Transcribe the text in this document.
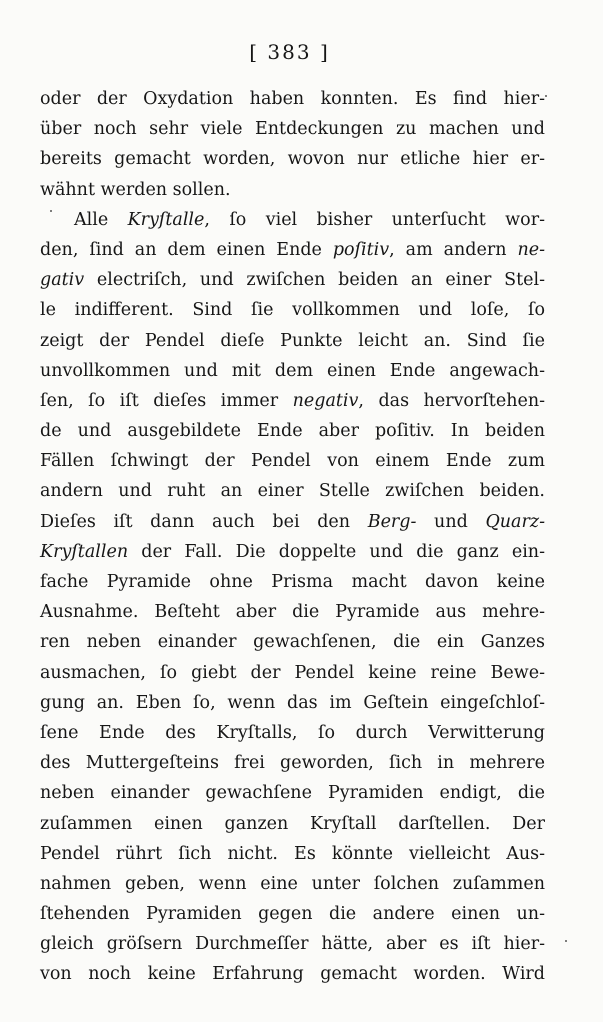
[ 383 ]
oder der Oxydation haben konnten. Es find hier-
über noch sehr viele Entdeckungen zu machen und
bereits gemacht worden, wovon nur etliche hier er-
wähnt werden sollen.
Alle Kryſtalle, ſo viel bisher unterſucht wor-
den, ſind an dem einen Ende poſitiv, am andern ne-
gativ electriſch, und zwiſchen beiden an einer Stel-
le indifferent. Sind ſie vollkommen und loſe, ſo
zeigt der Pendel dieſe Punkte leicht an. Sind ſie
unvollkommen und mit dem einen Ende angewach-
ſen, ſo iſt dieſes immer negativ, das hervorſtehen-
de und ausgebildete Ende aber poſitiv. In beiden
Fällen ſchwingt der Pendel von einem Ende zum
andern und ruht an einer Stelle zwiſchen beiden.
Dieſes iſt dann auch bei den Berg- und Quarz-
Kryſtallen der Fall. Die doppelte und die ganz ein-
fache Pyramide ohne Prisma macht davon keine
Ausnahme. Beſteht aber die Pyramide aus mehre-
ren neben einander gewachſenen, die ein Ganzes
ausmachen, ſo giebt der Pendel keine reine Bewe-
gung an. Eben ſo, wenn das im Geſtein eingeſchloſ-
ſene Ende des Kryſtalls, ſo durch Verwitterung
des Muttergeſteins frei geworden, ſich in mehrere
neben einander gewachſene Pyramiden endigt, die
zuſammen einen ganzen Kryſtall darſtellen. Der
Pendel rührt ſich nicht. Es könnte vielleicht Aus-
nahmen geben, wenn eine unter ſolchen zuſammen
ſtehenden Pyramiden gegen die andere einen un-
gleich gröſsern Durchmeſſer hätte, aber es iſt hier-
von noch keine Erfahrung gemacht worden. Wird
